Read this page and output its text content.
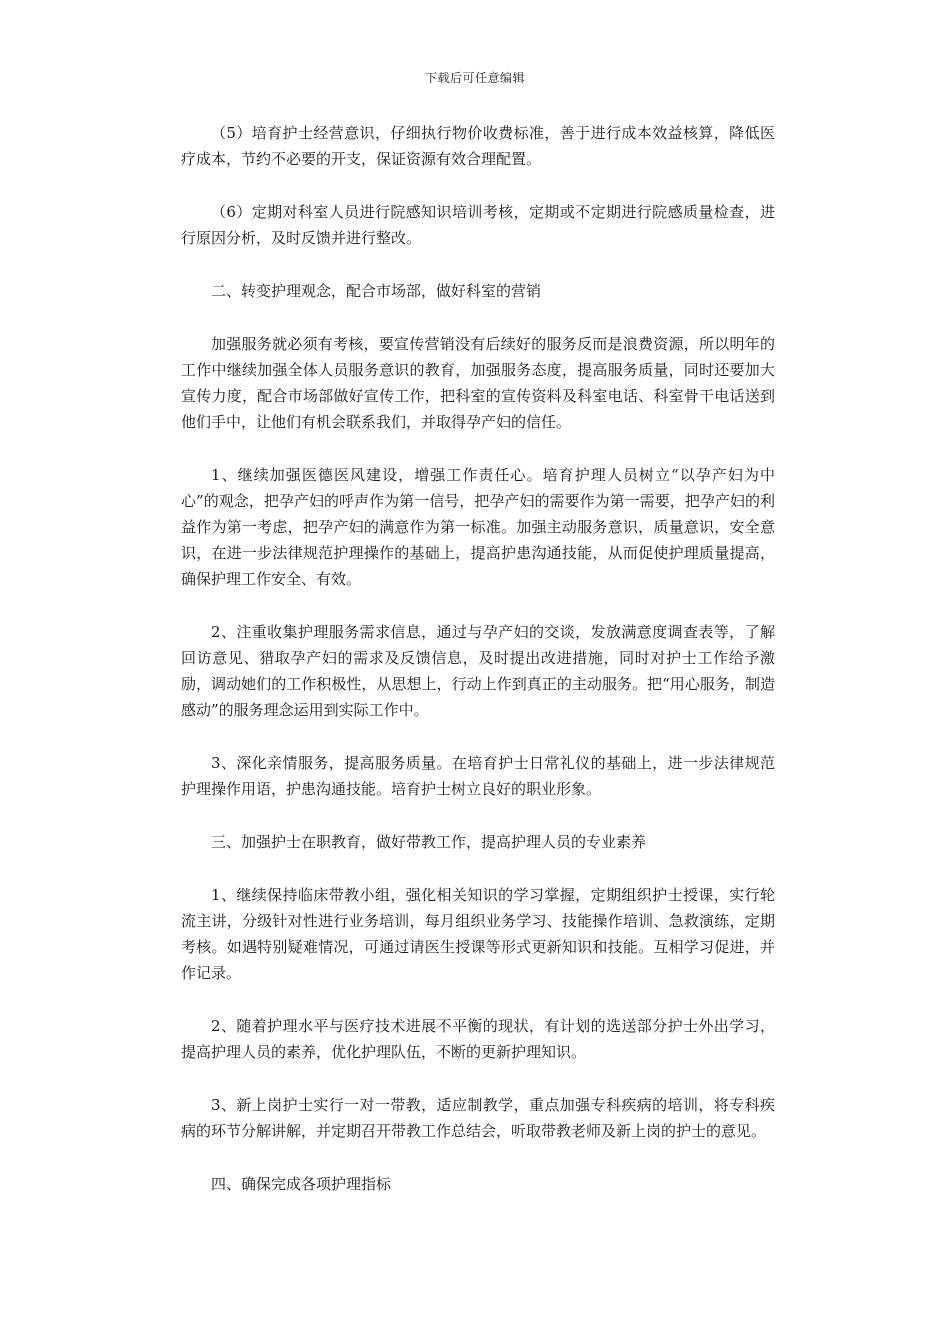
下载后可任意编辑

（5）培育护士经营意识，仔细执行物价收费标准，善于进行成本效益核算，降低医疗成本，节约不必要的开支，保证资源有效合理配置。

（6）定期对科室人员进行院感知识培训考核，定期或不定期进行院感质量检查，进行原因分析，及时反馈并进行整改。

二、转变护理观念，配合市场部，做好科室的营销

加强服务就必须有考核，要宣传营销没有后续好的服务反而是浪费资源，所以明年的工作中继续加强全体人员服务意识的教育，加强服务态度，提高服务质量，同时还要加大宣传力度，配合市场部做好宣传工作，把科室的宣传资料及科室电话、科室骨干电话送到他们手中，让他们有机会联系我们，并取得孕产妇的信任。

1、继续加强医德医风建设，增强工作责任心。培育护理人员树立“以孕产妇为中心”的观念，把孕产妇的呼声作为第一信号，把孕产妇的需要作为第一需要，把孕产妇的利益作为第一考虑，把孕产妇的满意作为第一标准。加强主动服务意识，质量意识，安全意识，在进一步法律规范护理操作的基础上，提高护患沟通技能，从而促使护理质量提高，确保护理工作安全、有效。

2、注重收集护理服务需求信息，通过与孕产妇的交谈，发放满意度调查表等，了解回访意见、猎取孕产妇的需求及反馈信息，及时提出改进措施，同时对护士工作给予激励，调动她们的工作积极性，从思想上，行动上作到真正的主动服务。把“用心服务，制造感动”的服务理念运用到实际工作中。

3、深化亲情服务，提高服务质量。在培育护士日常礼仪的基础上，进一步法律规范护理操作用语，护患沟通技能。培育护士树立良好的职业形象。

三、加强护士在职教育，做好带教工作，提高护理人员的专业素养

1、继续保持临床带教小组，强化相关知识的学习掌握，定期组织护士授课，实行轮流主讲，分级针对性进行业务培训，每月组织业务学习、技能操作培训、急救演练，定期考核。如遇特别疑难情况，可通过请医生授课等形式更新知识和技能。互相学习促进，并作记录。

2、随着护理水平与医疗技术进展不平衡的现状，有计划的选送部分护士外出学习，提高护理人员的素养，优化护理队伍，不断的更新护理知识。

3、新上岗护士实行一对一带教，适应制教学，重点加强专科疾病的培训，将专科疾病的环节分解讲解，并定期召开带教工作总结会，听取带教老师及新上岗的护士的意见。

四、确保完成各项护理指标
